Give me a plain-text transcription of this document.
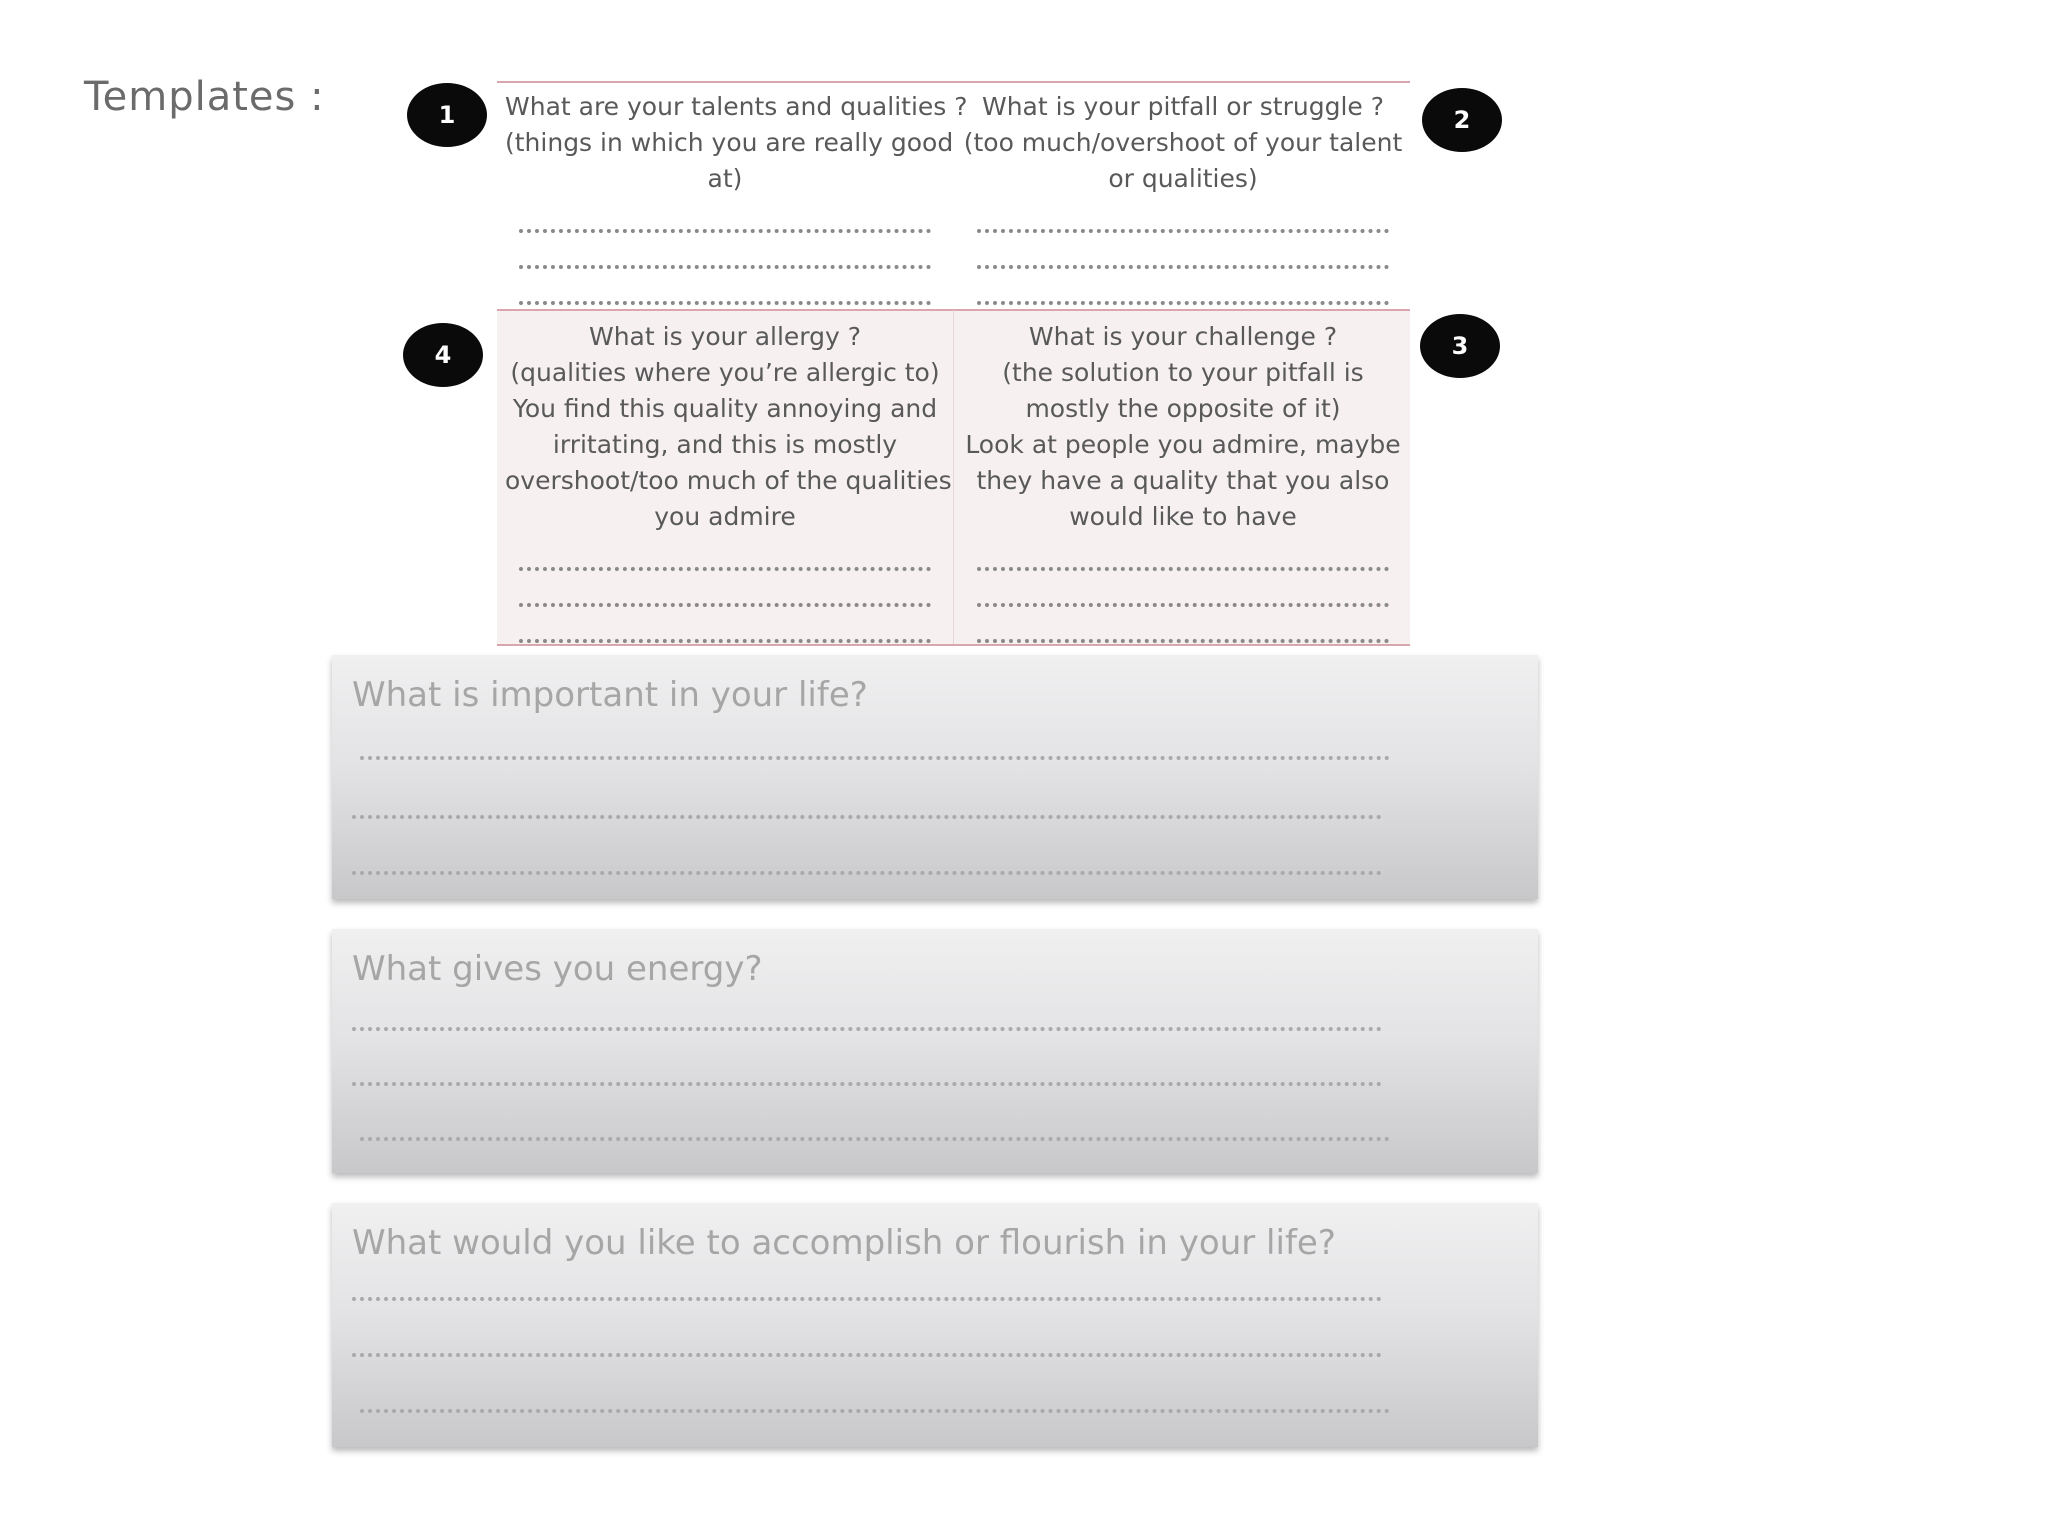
Templates :	What are your talents and qualities ?
(things in which you are really good
at)
What is your pitfall or struggle ?
(too much/overshoot of your talent
or qualities)
What is your allergy ?
(qualities where you’re allergic to)
You find this quality annoying and
irritating, and this is mostly
overshoot/too much of the qualities
you admire
What is your challenge ?
(the solution to your pitfall is
mostly the opposite of it)
Look at people you admire, maybe
they have a quality that you also
would like to have
1	2
3
4
What is important in your life?
What gives you energy?
What would you like to accomplish or flourish in your life?
